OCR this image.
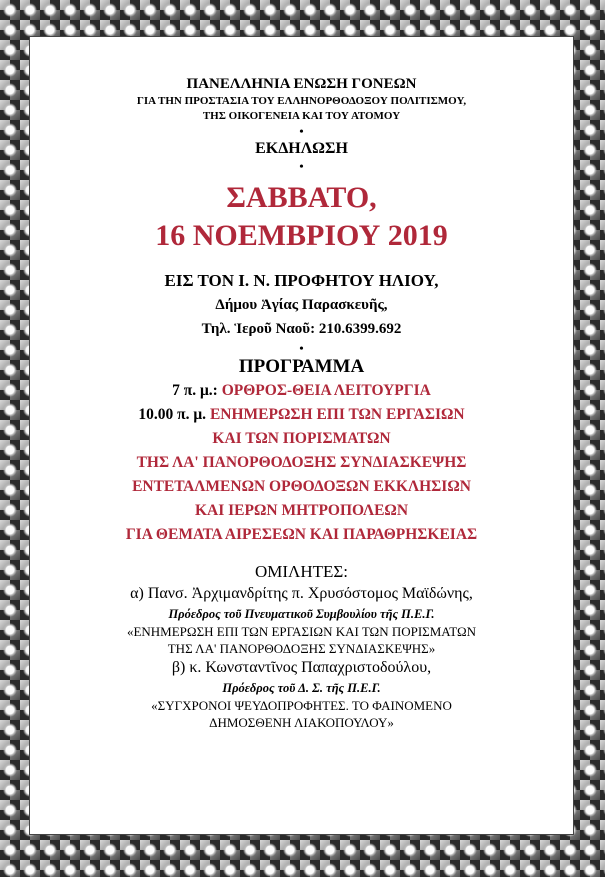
ΠΑΝΕΛΛΗΝΙΑ ΕΝΩΣΗ ΓΟΝΕΩΝ
ΓΙΑ ΤΗΝ ΠΡΟΣΤΑΣΙΑ ΤΟΥ ΕΛΛΗΝΟΡΘΟΔΟΞΟΥ ΠΟΛΙΤΙΣΜΟΥ,
ΤΗΣ ΟΙΚΟΓΕΝΕΙΑ ΚΑΙ ΤΟΥ ΑΤΟΜΟΥ
•
ΕΚΔΗΛΩΣΗ
•
ΣΑΒΒΑΤΟ,
16 ΝΟΕΜΒΡΙΟΥ 2019
ΕΙΣ ΤΟΝ Ι. Ν. ΠΡΟΦΗΤΟΥ ΗΛΙΟΥ,
Δήμου Ἁγίας Παρασκευῆς,
Τηλ. Ἱεροῦ Ναοῦ: 210.6399.692
•
ΠΡΟΓΡΑΜΜΑ
7 π. μ.: ΟΡΘΡΟΣ-ΘΕΙΑ ΛΕΙΤΟΥΡΓΙΑ
10.00 π. μ. ΕΝΗΜΕΡΩΣΗ ΕΠΙ ΤΩΝ ΕΡΓΑΣΙΩΝ
ΚΑΙ ΤΩΝ ΠΟΡΙΣΜΑΤΩΝ
ΤΗΣ ΛΑ' ΠΑΝΟΡΘΟΔΟΞΗΣ ΣΥΝΔΙΑΣΚΕΨΗΣ
ΕΝΤΕΤΑΛΜΕΝΩΝ ΟΡΘΟΔΟΞΩΝ ΕΚΚΛΗΣΙΩΝ
ΚΑΙ ΙΕΡΩΝ ΜΗΤΡΟΠΟΛΕΩΝ
ΓΙΑ ΘΕΜΑΤΑ ΑΙΡΕΣΕΩΝ ΚΑΙ ΠΑΡΑΘΡΗΣΚΕΙΑΣ
ΟΜΙΛΗΤΕΣ:
α) Πανσ. Ἀρχιμανδρίτης π. Χρυσόστομος Μαϊδώνης,
Πρόεδρος τοῦ Πνευματικοῦ Συμβουλίου τῆς Π.Ε.Γ.
«ΕΝΗΜΕΡΩΣΗ ΕΠΙ ΤΩΝ ΕΡΓΑΣΙΩΝ ΚΑΙ ΤΩΝ ΠΟΡΙΣΜΑΤΩΝ
ΤΗΣ ΛΑ' ΠΑΝΟΡΘΟΔΟΞΗΣ ΣΥΝΔΙΑΣΚΕΨΗΣ»
β) κ. Κωνσταντῖνος Παπαχριστοδούλου,
Πρόεδρος τοῦ Δ. Σ. τῆς Π.Ε.Γ.
«ΣΥΓΧΡΟΝΟΙ ΨΕΥΔΟΠΡΟΦΗΤΕΣ. ΤΟ ΦΑΙΝΟΜΕΝΟ
ΔΗΜΟΣΘΕΝΗ ΛΙΑΚΟΠΟΥΛΟΥ»
